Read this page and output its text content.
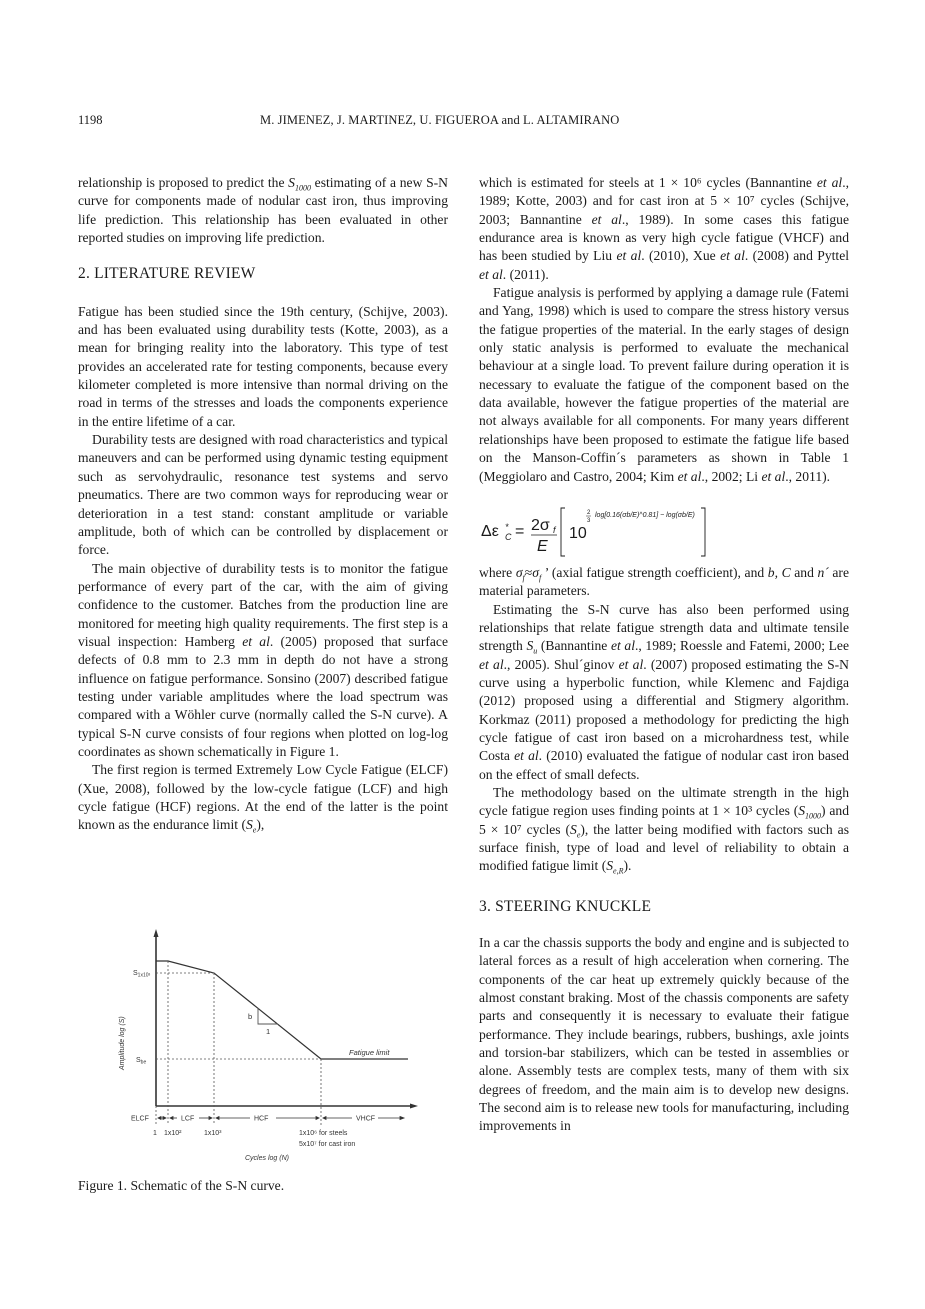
1198	M. JIMENEZ, J. MARTINEZ, U. FIGUEROA and L. ALTAMIRANO

relationship is proposed to predict the $S_{1000}$ estimating of a new S-N curve for components made of nodular cast iron, thus improving life prediction. This relationship has been evaluated in other reported studies on improving life prediction.

2. LITERATURE REVIEW

Fatigue has been studied since the 19th century, (Schijve, 2003). and has been evaluated using durability tests (Kotte, 2003), as a mean for bringing reality into the laboratory. This type of test provides an accelerated rate for testing components, because every kilometer completed is more intensive than normal driving on the road in terms of the stresses and loads the components experience in the entire lifetime of a car.

Durability tests are designed with road characteristics and typical maneuvers and can be performed using dynamic testing equipment such as servohydraulic, resonance test systems and servo pneumatics. There are two common ways for reproducing wear or deterioration in a test stand: constant amplitude or variable amplitude, both of which can be controlled by displacement or force.

The main objective of durability tests is to monitor the fatigue performance of every part of the car, with the aim of giving confidence to the customer. Batches from the production line are monitored for meeting high quality requirements. The first step is a visual inspection: Hamberg et al. (2005) proposed that surface defects of 0.8 mm to 2.3 mm in depth do not have a strong influence on fatigue performance. Sonsino (2007) described fatigue testing under variable amplitudes where the load spectrum was compared with a Wöhler curve (normally called the S-N curve). A typical S-N curve consists of four regions when plotted on log-log coordinates as shown schematically in Figure 1.

The first region is termed Extremely Low Cycle Fatigue (ELCF) (Xue, 2008), followed by the low-cycle fatigue (LCF) and high cycle fatigue (HCF) regions. At the end of the latter is the point known as the endurance limit $(S_e)$,

b
1
Fatigue limit
$S_{1x10^3}$
$S_{be}$
Amplitude log (S)
ELCF	LCF	HCF	VHCF
1 1x10²	1x10³	1x10⁶ for steels
5x10⁷ for cast iron
Cycles log (N)
Figure 1. Schematic of the S-N curve.

which is estimated for steels at 1 × 10⁶ cycles (Bannantine et al., 1989; Kotte, 2003) and for cast iron at 5 × 10⁷ cycles (Schijve, 2003; Bannantine et al., 1989). In some cases this fatigue endurance area is known as very high cycle fatigue (VHCF) and has been studied by Liu et al. (2010), Xue et al. (2008) and Pyttel et al. (2011).

Fatigue analysis is performed by applying a damage rule (Fatemi and Yang, 1998) which is used to compare the stress history versus the fatigue properties of the material. In the early stages of design only static analysis is performed to evaluate the mechanical behaviour at a single load. To prevent failure during operation it is necessary to evaluate the fatigue of the component based on the data available, however the fatigue properties of the material are not always available for all components. For many years different relationships have been proposed to estimate the fatigue life based on the Manson-Coffin´s parameters as shown in Table 1 (Meggiolaro and Castro, 2004; Kim et al., 2002; Li et al., 2011).

Δε *
C = 2σ f
E
10
2
3
log[0.16(σb/E)^0.81] − log(σb/E)

where $\sigma_f\approx\sigma_f$ ’ (axial fatigue strength coefficient), and b, C and n´ are material parameters.

Estimating the S-N curve has also been performed using relationships that relate fatigue strength data and ultimate tensile strength $S_u$ (Bannantine et al., 1989; Roessle and Fatemi, 2000; Lee et al., 2005). Shul´ginov et al. (2007) proposed estimating the S-N curve using a hyperbolic function, while Klemenc and Fajdiga (2012) proposed using a differential and Stigmery algorithm. Korkmaz (2011) proposed a methodology for predicting the high cycle fatigue of cast iron based on a microhardness test, while Costa et al. (2010) evaluated the fatigue of nodular cast iron based on the effect of small defects.

The methodology based on the ultimate strength in the high cycle fatigue region uses finding points at 1 × 10³ cycles $(S_{1000})$ and 5 × 10⁷ cycles $(S_e)$, the latter being modified with factors such as surface finish, type of load and level of reliability to obtain a modified fatigue limit $(S_{e,R})$.

3. STEERING KNUCKLE

In a car the chassis supports the body and engine and is subjected to lateral forces as a result of high acceleration when cornering. The components of the car heat up extremely quickly because of the almost constant braking. Most of the chassis components are safety parts and consequently it is necessary to evaluate their fatigue performance. They include bearings, rubbers, bushings, axle joints and torsion-bar stabilizers, which can be tested in assemblies or alone. Assembly tests are complex tests, many of them with six degrees of freedom, and the main aim is to develop new designs. The second aim is to release new tools for manufacturing, including improvements in
